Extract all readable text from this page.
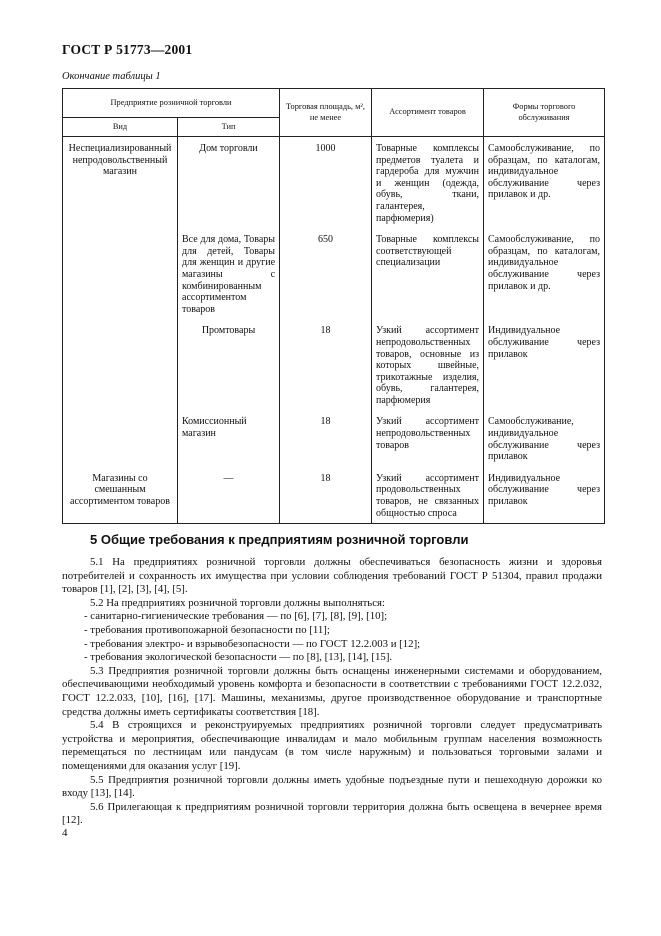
ГОСТ Р 51773—2001
Окончание таблицы 1
Предприятие розничной торговли		Торговая площадь, м², не менее	Ассортимент товаров	Формы торгового обслуживания
Вид	Тип			
Неспециализированный непродовольственный магазин	Дом торговли	1000	Товарные комплексы предметов туалета и гардероба для мужчин и женщин (одежда, обувь, ткани, галантерея, парфюмерия)	Самообслуживание, по образцам, по каталогам, индивидуальное обслуживание через прилавок и др.
	Все для дома, Товары для детей, Товары для женщин и другие магазины с комбинированным ассортиментом товаров	650	Товарные комплексы соответствующей специализации	Самообслуживание, по образцам, по каталогам, индивидуальное обслуживание через прилавок и др.
	Промтовары	18	Узкий ассортимент непродовольственных товаров, основные из которых швейные, трикотажные изделия, обувь, галантерея, парфюмерия	Индивидуальное обслуживание через прилавок
	Комиссионный магазин	18	Узкий ассортимент непродовольственных товаров	Самообслуживание, индивидуальное обслуживание через прилавок
Магазины со смешанным ассортиментом товаров	—	18	Узкий ассортимент продовольственных товаров, не связанных общностью спроса	Индивидуальное обслуживание через прилавок
5 Общие требования к предприятиям розничной торговли

5.1 На предприятиях розничной торговли должны обеспечиваться безопасность жизни и здоровья потребителей и сохранность их имущества при условии соблюдения требований ГОСТ Р 51304, правил продажи товаров [1], [2], [3], [4], [5].

5.2 На предприятиях розничной торговли должны выполняться:

- санитарно-гигиенические требования — по [6], [7], [8], [9], [10];

- требования противопожарной безопасности по [11];

- требования электро- и взрывобезопасности — по ГОСТ 12.2.003 и [12];

- требования экологической безопасности — по [8], [13], [14], [15].

5.3 Предприятия розничной торговли должны быть оснащены инженерными системами и оборудованием, обеспечивающими необходимый уровень комфорта и безопасности в соответствии с требованиями ГОСТ 12.2.032, ГОСТ 12.2.033, [10], [16], [17]. Машины, механизмы, другое производственное оборудование и транспортные средства должны иметь сертификаты соответствия [18].

5.4 В строящихся и реконструируемых предприятиях розничной торговли следует предусматривать устройства и мероприятия, обеспечивающие инвалидам и мало мобильным группам населения возможность перемещаться по лестницам или пандусам (в том числе наружным) и пользоваться торговыми залами и помещениями для оказания услуг [19].

5.5 Предприятия розничной торговли должны иметь удобные подъездные пути и пешеходную дорожки ко входу [13], [14].

5.6 Прилегающая к предприятиям розничной торговли территория должна быть освещена в вечернее время [12].

4
